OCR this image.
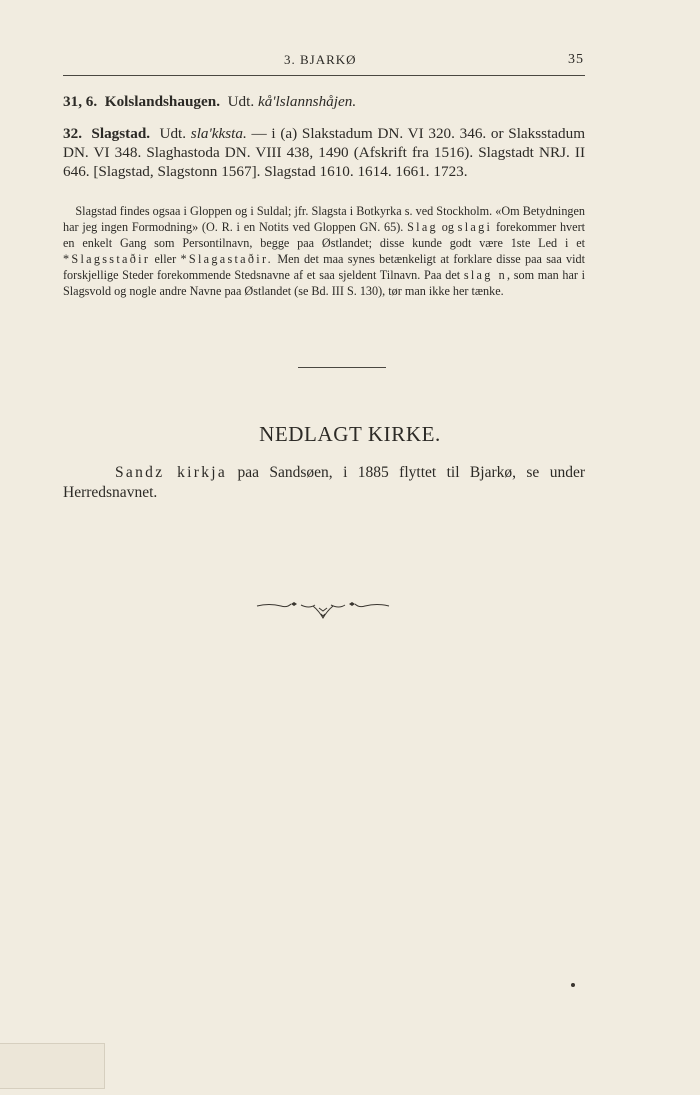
3. BJARKØ	35
31, 6. Kolslandshaugen. Udt. kå'lslannshåjen.
32. Slagstad. Udt. sla'kksta. — i (a) Slakstadum DN. VI 320. 346. or Slaksstadum DN. VI 348. Slaghastoda DN. VIII 438, 1490 (Afskrift fra 1516). Slagstadt NRJ. II 646. [Slagstad, Slagstonn 1567]. Slagstad 1610. 1614. 1661. 1723.
Slagstad findes ogsaa i Gloppen og i Suldal; jfr. Slagsta i Botkyrka s. ved Stockholm. «Om Betydningen har jeg ingen Formodning» (O. R. i en Notits ved Gloppen GN. 65). Slag og slagi forekommer hvert en enkelt Gang som Persontilnavn, begge paa Østlandet; disse kunde godt være 1ste Led i et *Slagsstaðir eller *Slagastaðir. Men det maa synes betænkeligt at forklare disse paa saa vidt forskjellige Steder forekommende Stedsnavne af et saa sjeldent Tilnavn. Paa det slag n, som man har i Slagsvold og nogle andre Navne paa Østlandet (se Bd. III S. 130), tør man ikke her tænke.
NEDLAGT KIRKE.
Sandz kirkja paa Sandsøen, i 1885 flyttet til Bjarkø, se under Herredsnavnet.
